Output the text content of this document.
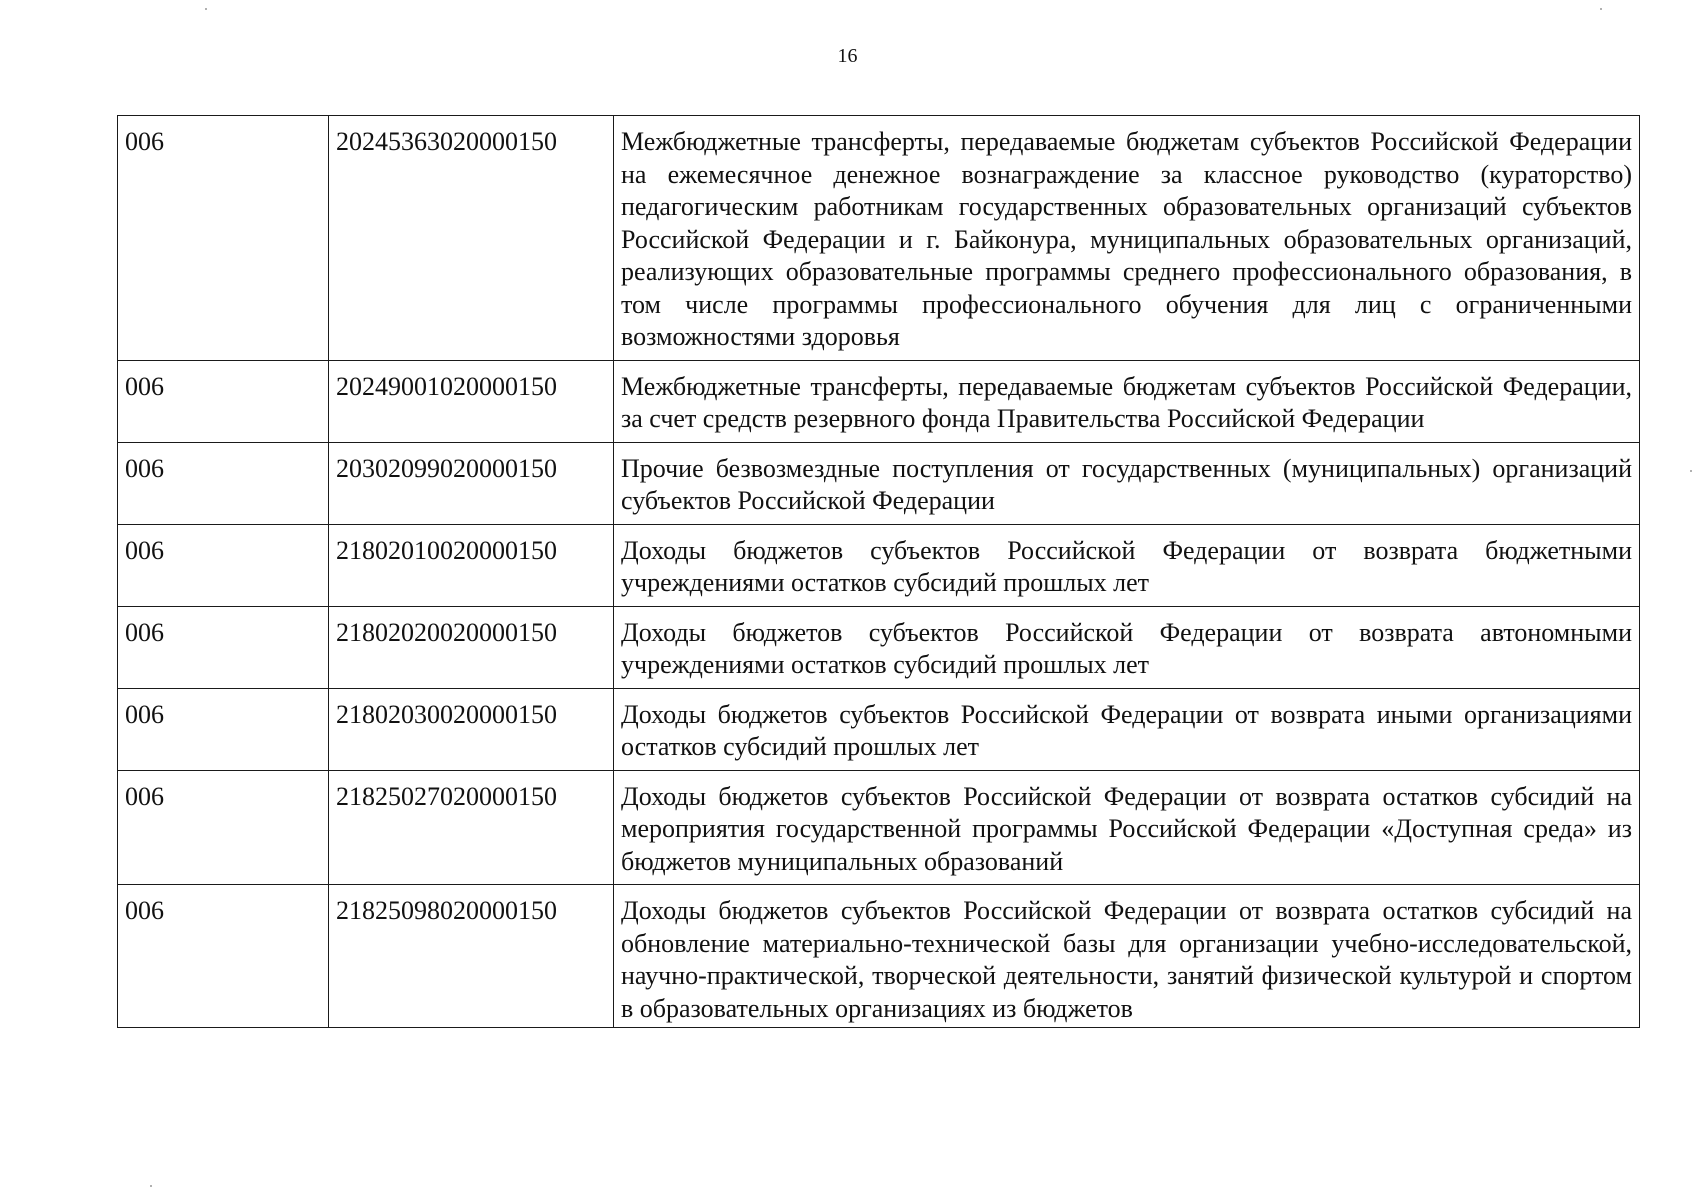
16
006	20245363020000150	Межбюджетные трансферты, передаваемые бюджетам субъектов Российской Федерации на ежемесячное денежное вознаграждение за классное руководство (кураторство) педагогическим работникам государственных образовательных организаций субъектов Российской Федерации и г. Байконура, муниципальных образовательных организаций, реализующих образовательные программы среднего профессионального образования, в том числе программы профессионального обучения для лиц с ограниченными возможностями здоровья
006	20249001020000150	Межбюджетные трансферты, передаваемые бюджетам субъектов Российской Федерации, за счет средств резервного фонда Правительства Российской Федерации
006	20302099020000150	Прочие безвозмездные поступления от государственных (муниципальных) организаций субъектов Российской Федерации
006	21802010020000150	Доходы бюджетов субъектов Российской Федерации от возврата бюджетными учреждениями остатков субсидий прошлых лет
006	21802020020000150	Доходы бюджетов субъектов Российской Федерации от возврата автономными учреждениями остатков субсидий прошлых лет
006	21802030020000150	Доходы бюджетов субъектов Российской Федерации от возврата иными организациями остатков субсидий прошлых лет
006	21825027020000150	Доходы бюджетов субъектов Российской Федерации от возврата остатков субсидий на мероприятия государственной программы Российской Федерации «Доступная среда» из бюджетов муниципальных образований
006	21825098020000150	Доходы бюджетов субъектов Российской Федерации от возврата остатков субсидий на обновление материально-технической базы для организации учебно-исследовательской, научно-практической, творческой деятельности, занятий физической культурой и спортом в образовательных организациях из бюджетов
